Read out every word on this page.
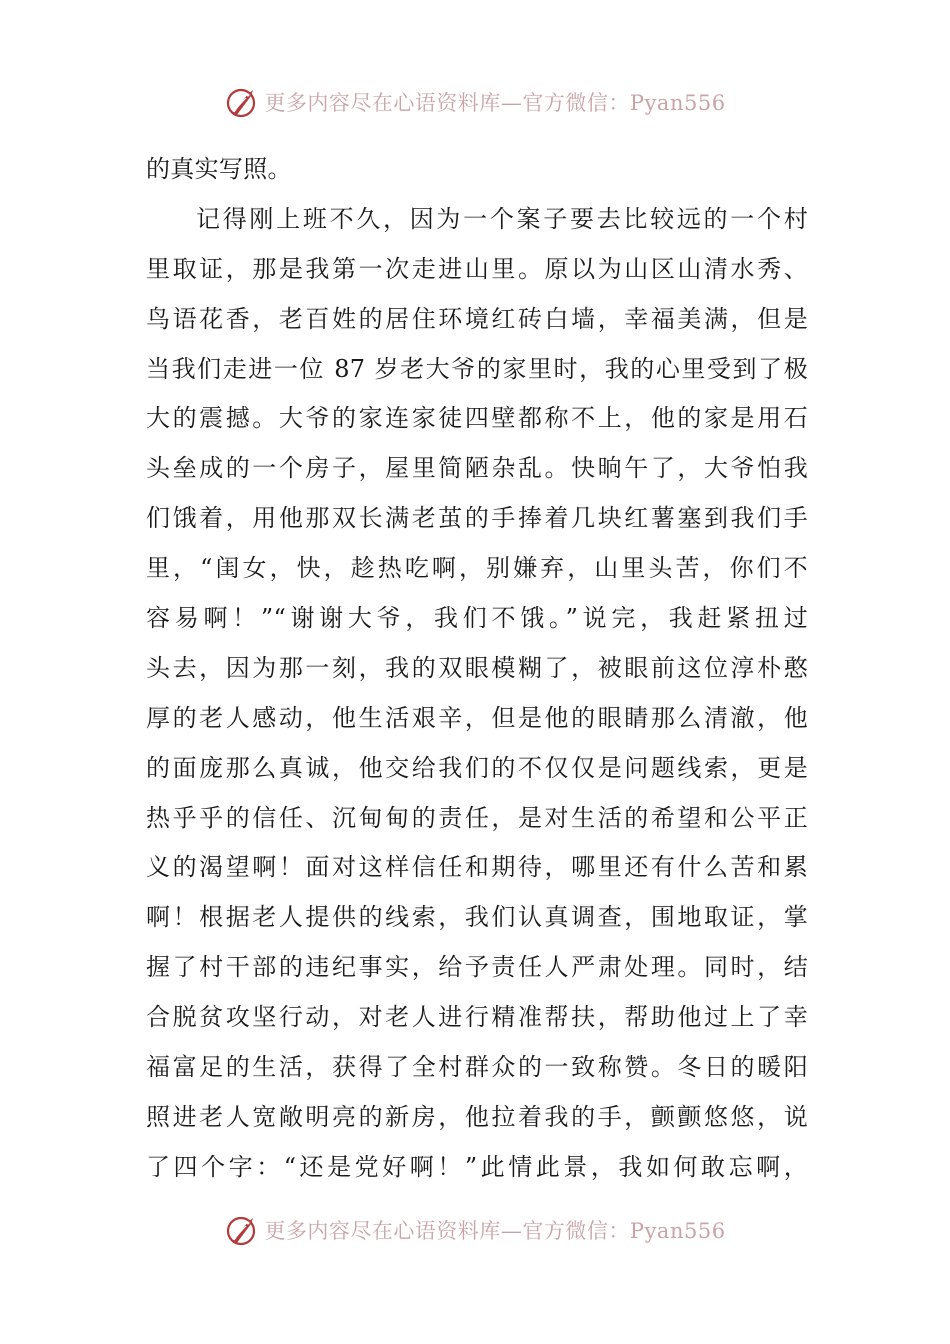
更多内容尽在心语资料库—官方微信：Pyan556
的真实写照。
记得刚上班不久，因为一个案子要去比较远的一个村
里取证，那是我第一次走进山里。原以为山区山清水秀、
鸟语花香，老百姓的居住环境红砖白墙，幸福美满，但是
当我们走进一位 87 岁老大爷的家里时，我的心里受到了极
大的震撼。大爷的家连家徒四壁都称不上，他的家是用石
头垒成的一个房子，屋里简陋杂乱。快晌午了，大爷怕我
们饿着，用他那双长满老茧的手捧着几块红薯塞到我们手
里，“闺女，快，趁热吃啊，别嫌弃，山里头苦，你们不
容易啊！”“谢谢大爷，我们不饿。”说完，我赶紧扭过
头去，因为那一刻，我的双眼模糊了，被眼前这位淳朴憨
厚的老人感动，他生活艰辛，但是他的眼睛那么清澈，他
的面庞那么真诚，他交给我们的不仅仅是问题线索，更是
热乎乎的信任、沉甸甸的责任，是对生活的希望和公平正
义的渴望啊！面对这样信任和期待，哪里还有什么苦和累
啊！根据老人提供的线索，我们认真调查，围地取证，掌
握了村干部的违纪事实，给予责任人严肃处理。同时，结
合脱贫攻坚行动，对老人进行精准帮扶，帮助他过上了幸
福富足的生活，获得了全村群众的一致称赞。冬日的暖阳
照进老人宽敞明亮的新房，他拉着我的手，颤颤悠悠，说
了四个字：“还是党好啊！”此情此景，我如何敢忘啊，
更多内容尽在心语资料库—官方微信：Pyan556
